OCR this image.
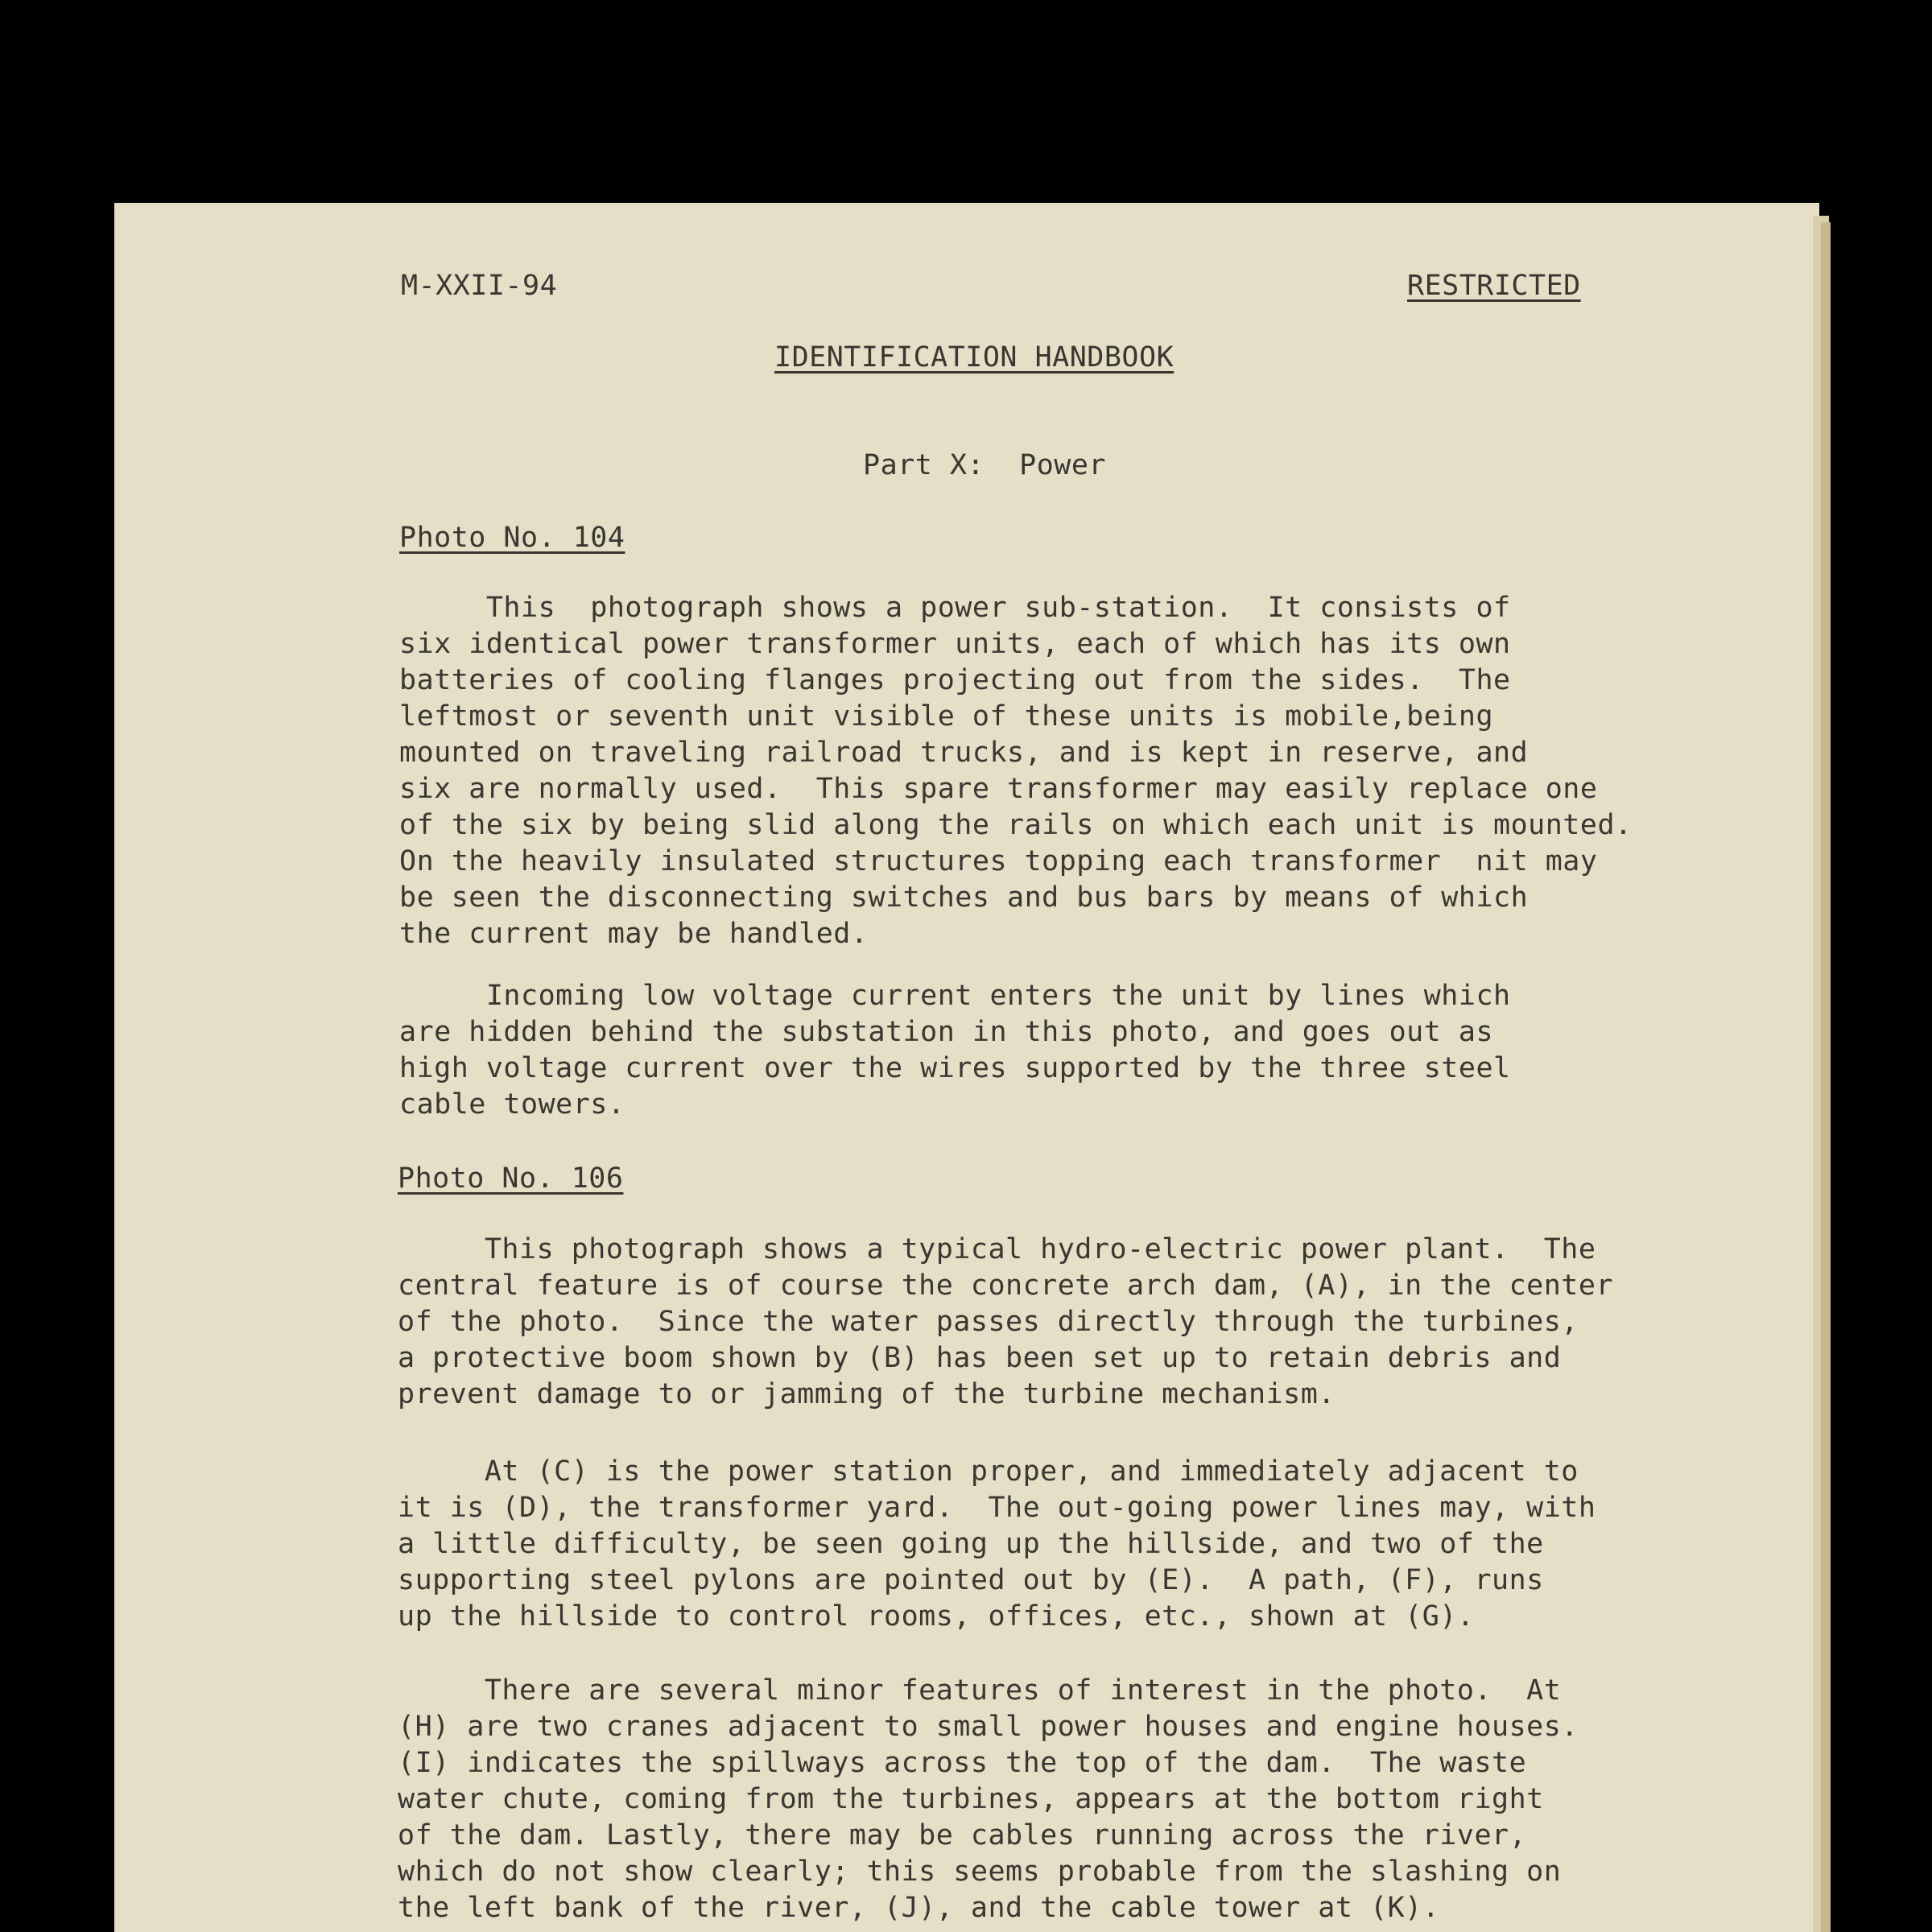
M-XXII-94	RESTRICTED
IDENTIFICATION HANDBOOK
Part X:  Power
Photo No. 104
This  photograph shows a power sub-station.  It consists of
six identical power transformer units, each of which has its own
batteries of cooling flanges projecting out from the sides.  The
leftmost or seventh unit visible of these units is mobile,being
mounted on traveling railroad trucks, and is kept in reserve, and
six are normally used.  This spare transformer may easily replace one
of the six by being slid along the rails on which each unit is mounted.
On the heavily insulated structures topping each transformer  nit may
be seen the disconnecting switches and bus bars by means of which
the current may be handled.
Incoming low voltage current enters the unit by lines which
are hidden behind the substation in this photo, and goes out as
high voltage current over the wires supported by the three steel
cable towers.
Photo No. 106
This photograph shows a typical hydro-electric power plant.  The
central feature is of course the concrete arch dam, (A), in the center
of the photo.  Since the water passes directly through the turbines,
a protective boom shown by (B) has been set up to retain debris and
prevent damage to or jamming of the turbine mechanism.
At (C) is the power station proper, and immediately adjacent to
it is (D), the transformer yard.  The out-going power lines may, with
a little difficulty, be seen going up the hillside, and two of the
supporting steel pylons are pointed out by (E).  A path, (F), runs
up the hillside to control rooms, offices, etc., shown at (G).
There are several minor features of interest in the photo.  At
(H) are two cranes adjacent to small power houses and engine houses.
(I) indicates the spillways across the top of the dam.  The waste
water chute, coming from the turbines, appears at the bottom right
of the dam. Lastly, there may be cables running across the river,
which do not show clearly; this seems probable from the slashing on
the left bank of the river, (J), and the cable tower at (K).
